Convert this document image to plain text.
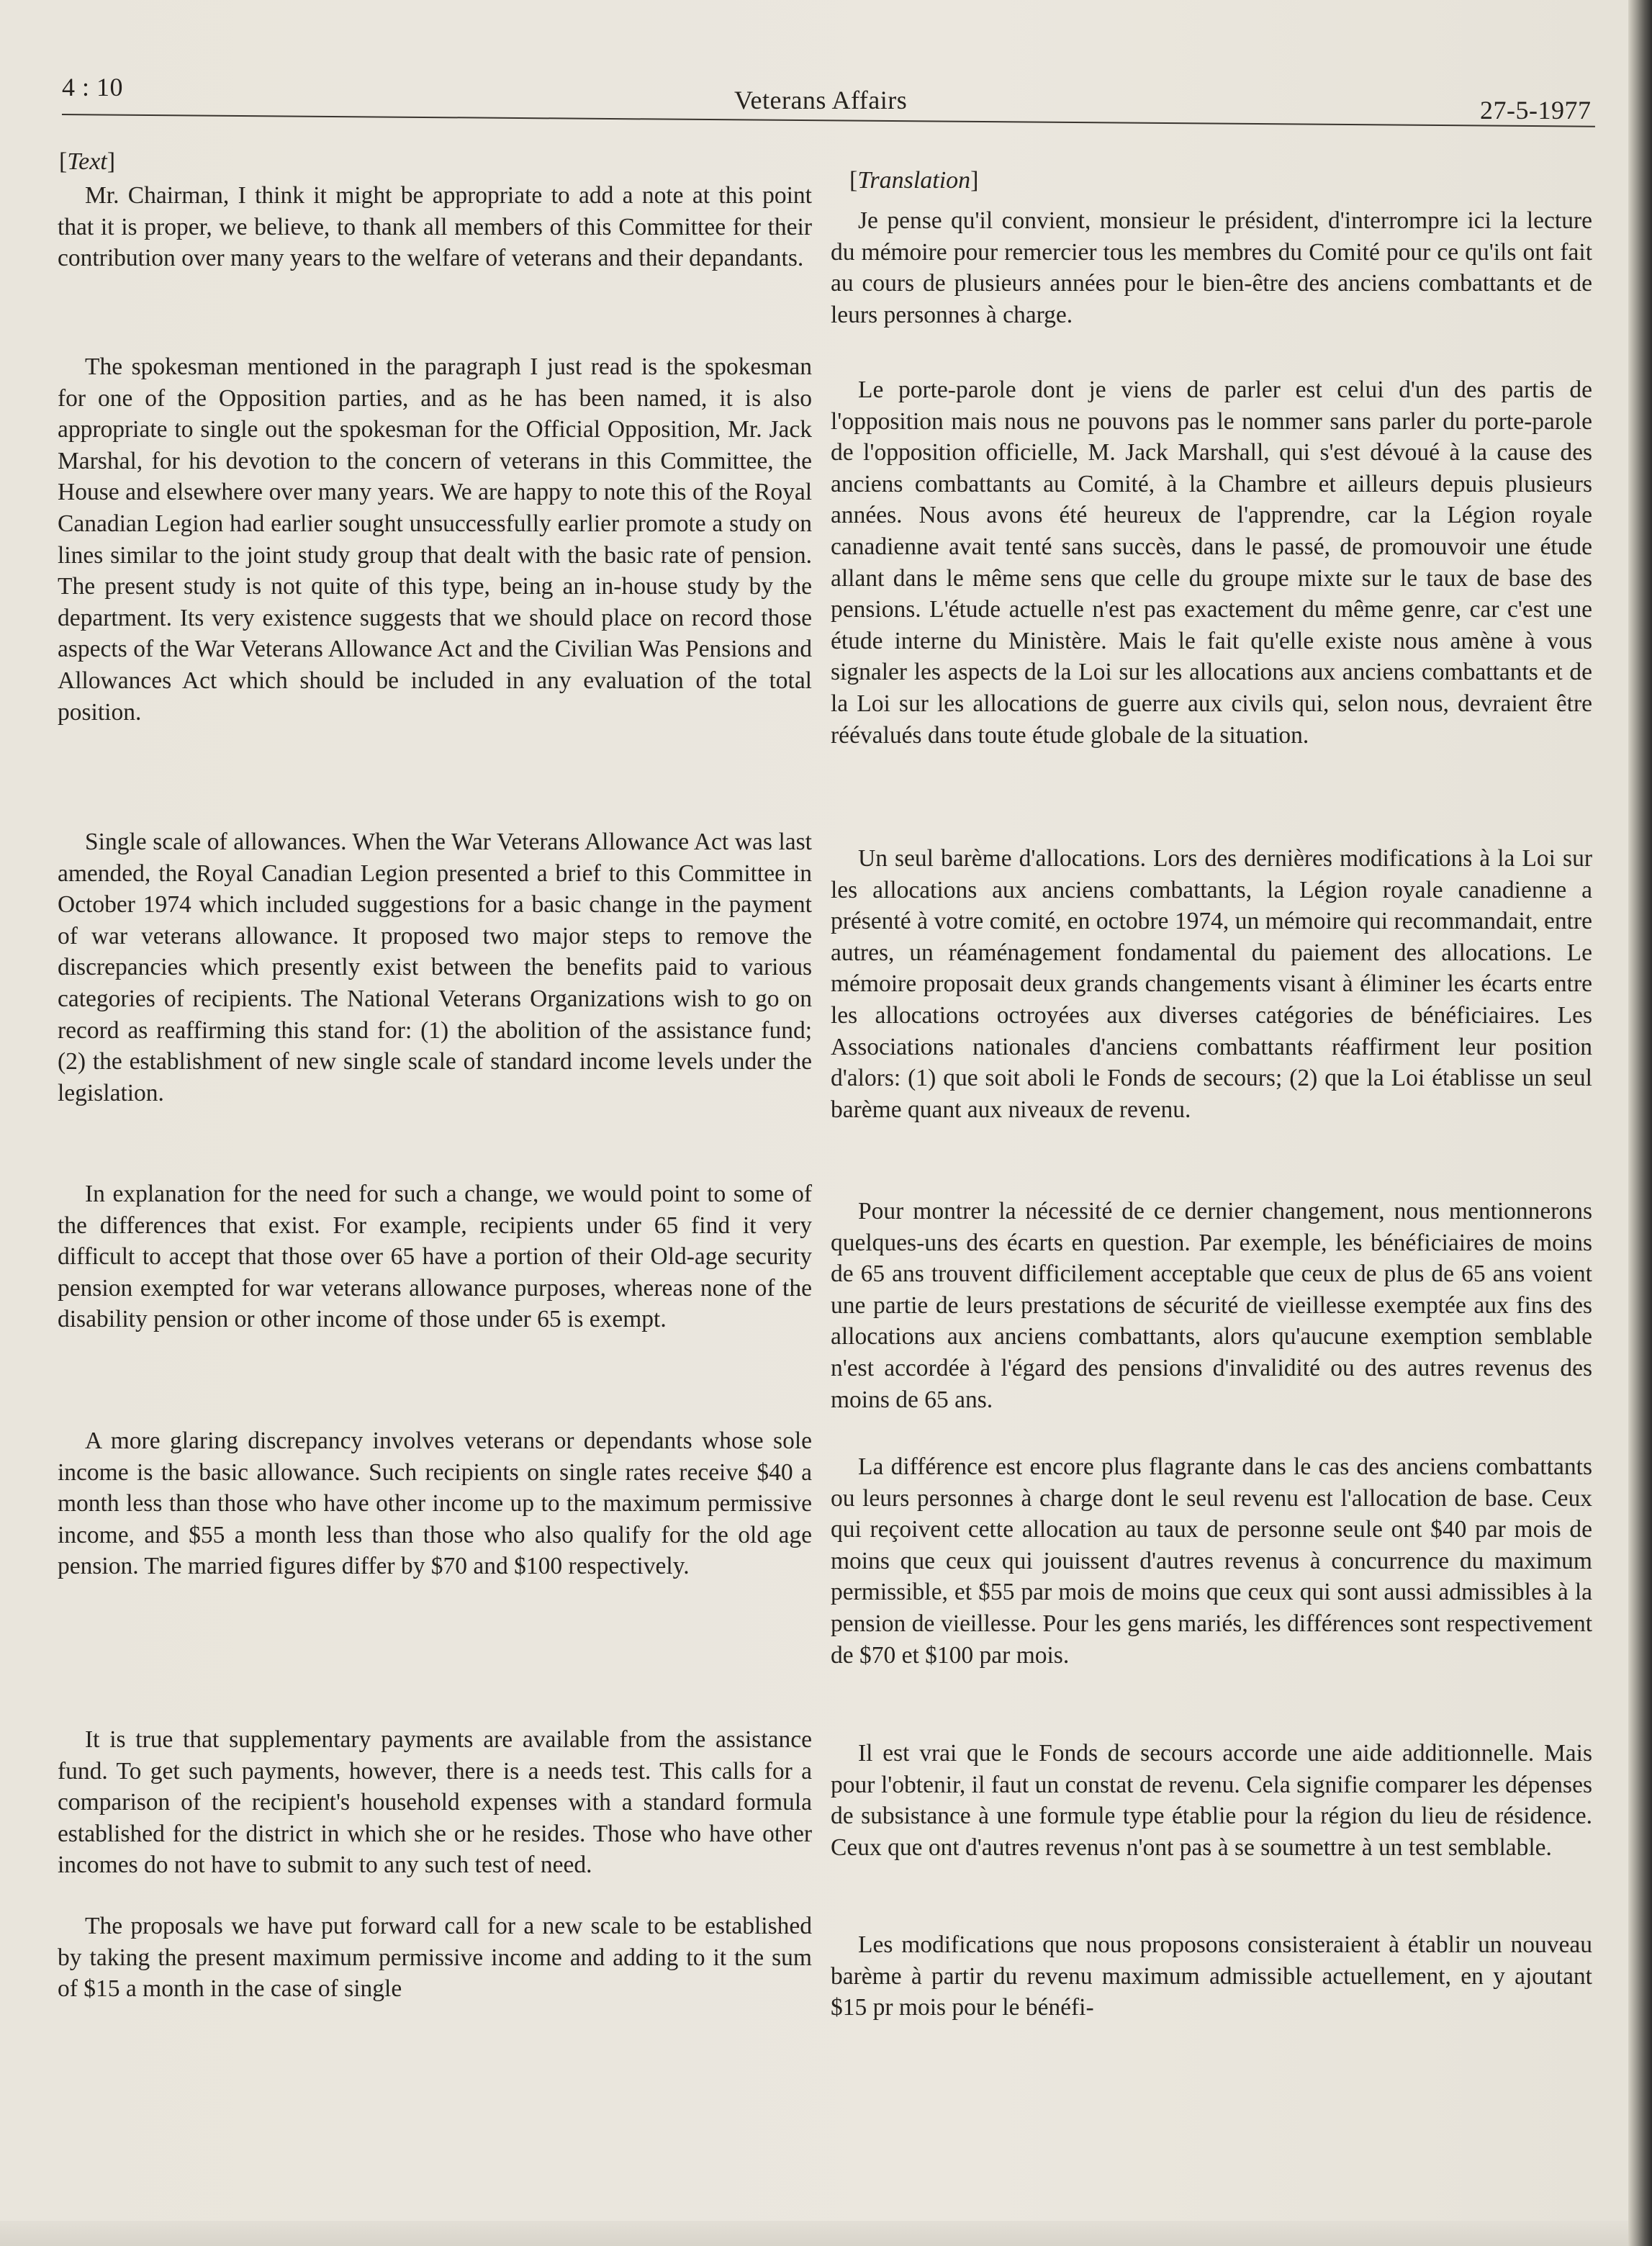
4 : 10	Veterans Affairs	27-5-1977
[Text]

Mr. Chairman, I think it might be appropriate to add a note at this point that it is proper, we believe, to thank all members of this Committee for their contribution over many years to the welfare of veterans and their depandants.

The spokesman mentioned in the paragraph I just read is the spokesman for one of the Opposition parties, and as he has been named, it is also appropriate to single out the spokesman for the Official Opposition, Mr. Jack Marshal, for his devotion to the concern of veterans in this Committee, the House and elsewhere over many years. We are happy to note this of the Royal Canadian Legion had earlier sought unsuccessfully earlier promote a study on lines similar to the joint study group that dealt with the basic rate of pension. The present study is not quite of this type, being an in-house study by the department. Its very existence suggests that we should place on record those aspects of the War Veterans Allowance Act and the Civilian Was Pensions and Allowances Act which should be included in any evaluation of the total position.

Single scale of allowances. When the War Veterans Allowance Act was last amended, the Royal Canadian Legion presented a brief to this Committee in October 1974 which included suggestions for a basic change in the payment of war veterans allowance. It proposed two major steps to remove the discrepancies which presently exist between the benefits paid to various categories of recipients. The National Veterans Organizations wish to go on record as reaffirming this stand for: (1) the abolition of the assistance fund; (2) the establishment of new single scale of standard income levels under the legislation.

In explanation for the need for such a change, we would point to some of the differences that exist. For example, recipients under 65 find it very difficult to accept that those over 65 have a portion of their Old-age security pension exempted for war veterans allowance purposes, whereas none of the disability pension or other income of those under 65 is exempt.

A more glaring discrepancy involves veterans or dependants whose sole income is the basic allowance. Such recipients on single rates receive $40 a month less than those who have other income up to the maximum permissive income, and $55 a month less than those who also qualify for the old age pension. The married figures differ by $70 and $100 respectively.

It is true that supplementary payments are available from the assistance fund. To get such payments, however, there is a needs test. This calls for a comparison of the recipient's household expenses with a standard formula established for the district in which she or he resides. Those who have other incomes do not have to submit to any such test of need.

The proposals we have put forward call for a new scale to be established by taking the present maximum permissive income and adding to it the sum of $15 a month in the case of single

[Translation]

Je pense qu'il convient, monsieur le président, d'interrompre ici la lecture du mémoire pour remercier tous les membres du Comité pour ce qu'ils ont fait au cours de plusieurs années pour le bien-être des anciens combattants et de leurs personnes à charge.

Le porte-parole dont je viens de parler est celui d'un des partis de l'opposition mais nous ne pouvons pas le nommer sans parler du porte-parole de l'opposition officielle, M. Jack Marshall, qui s'est dévoué à la cause des anciens combattants au Comité, à la Chambre et ailleurs depuis plusieurs années. Nous avons été heureux de l'apprendre, car la Légion royale canadienne avait tenté sans succès, dans le passé, de promouvoir une étude allant dans le même sens que celle du groupe mixte sur le taux de base des pensions. L'étude actuelle n'est pas exactement du même genre, car c'est une étude interne du Ministère. Mais le fait qu'elle existe nous amène à vous signaler les aspects de la Loi sur les allocations aux anciens combattants et de la Loi sur les allocations de guerre aux civils qui, selon nous, devraient être réévalués dans toute étude globale de la situation.

Un seul barème d'allocations. Lors des dernières modifications à la Loi sur les allocations aux anciens combattants, la Légion royale canadienne a présenté à votre comité, en octobre 1974, un mémoire qui recommandait, entre autres, un réaménagement fondamental du paiement des allocations. Le mémoire proposait deux grands changements visant à éliminer les écarts entre les allocations octroyées aux diverses catégories de bénéficiaires. Les Associations nationales d'anciens combattants réaffirment leur position d'alors: (1) que soit aboli le Fonds de secours; (2) que la Loi établisse un seul barème quant aux niveaux de revenu.

Pour montrer la nécessité de ce dernier changement, nous mentionnerons quelques-uns des écarts en question. Par exemple, les bénéficiaires de moins de 65 ans trouvent difficilement acceptable que ceux de plus de 65 ans voient une partie de leurs prestations de sécurité de vieillesse exemptée aux fins des allocations aux anciens combattants, alors qu'aucune exemption semblable n'est accordée à l'égard des pensions d'invalidité ou des autres revenus des moins de 65 ans.

La différence est encore plus flagrante dans le cas des anciens combattants ou leurs personnes à charge dont le seul revenu est l'allocation de base. Ceux qui reçoivent cette allocation au taux de personne seule ont $40 par mois de moins que ceux qui jouissent d'autres revenus à concurrence du maximum permissible, et $55 par mois de moins que ceux qui sont aussi admissibles à la pension de vieillesse. Pour les gens mariés, les différences sont respectivement de $70 et $100 par mois.

Il est vrai que le Fonds de secours accorde une aide additionnelle. Mais pour l'obtenir, il faut un constat de revenu. Cela signifie comparer les dépenses de subsistance à une formule type établie pour la région du lieu de résidence. Ceux que ont d'autres revenus n'ont pas à se soumettre à un test semblable.

Les modifications que nous proposons consisteraient à établir un nouveau barème à partir du revenu maximum admissible actuellement, en y ajoutant $15 pr mois pour le bénéfi-
